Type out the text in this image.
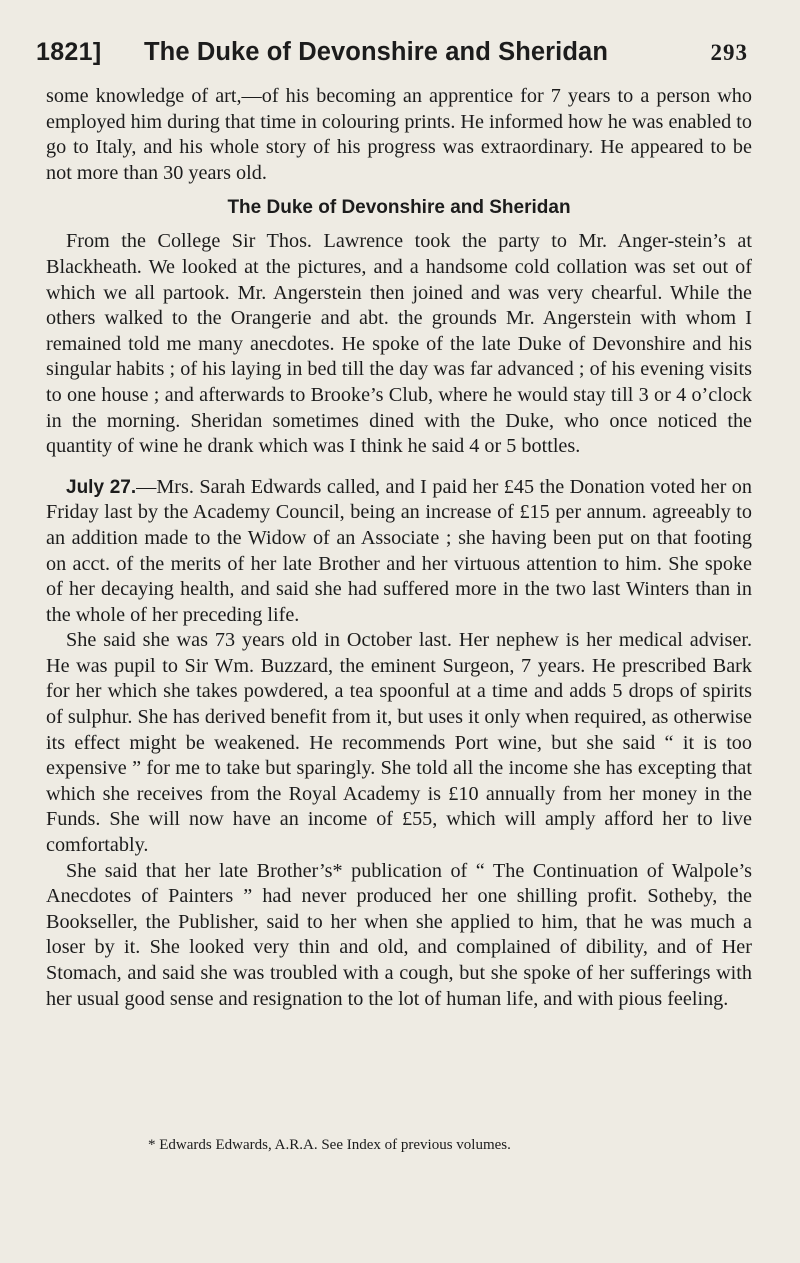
1821] The Duke of Devonshire and Sheridan	293

some knowledge of art,—of his becoming an apprentice for 7 years to a person who employed him during that time in colouring prints. He informed how he was enabled to go to Italy, and his whole story of his progress was extraordinary. He appeared to be not more than 30 years old.

The Duke of Devonshire and Sheridan

From the College Sir Thos. Lawrence took the party to Mr. Anger-stein’s at Blackheath. We looked at the pictures, and a handsome cold collation was set out of which we all partook. Mr. Angerstein then joined and was very chearful. While the others walked to the Orangerie and abt. the grounds Mr. Angerstein with whom I remained told me many anecdotes. He spoke of the late Duke of Devonshire and his singular habits ; of his laying in bed till the day was far advanced ; of his evening visits to one house ; and afterwards to Brooke’s Club, where he would stay till 3 or 4 o’clock in the morning. Sheridan sometimes dined with the Duke, who once noticed the quantity of wine he drank which was I think he said 4 or 5 bottles.

July 27.—Mrs. Sarah Edwards called, and I paid her £45 the Donation voted her on Friday last by the Academy Council, being an increase of £15 per annum. agreeably to an addition made to the Widow of an Associate ; she having been put on that footing on acct. of the merits of her late Brother and her virtuous attention to him. She spoke of her decaying health, and said she had suffered more in the two last Winters than in the whole of her preceding life.

She said she was 73 years old in October last. Her nephew is her medical adviser. He was pupil to Sir Wm. Buzzard, the eminent Surgeon, 7 years. He prescribed Bark for her which she takes powdered, a tea spoonful at a time and adds 5 drops of spirits of sulphur. She has derived benefit from it, but uses it only when required, as otherwise its effect might be weakened. He recommends Port wine, but she said “ it is too expensive ” for me to take but sparingly. She told all the income she has excepting that which she receives from the Royal Academy is £10 annually from her money in the Funds. She will now have an income of £55, which will amply afford her to live comfortably.

She said that her late Brother’s* publication of “ The Continuation of Walpole’s Anecdotes of Painters ” had never produced her one shilling profit. Sotheby, the Bookseller, the Publisher, said to her when she applied to him, that he was much a loser by it. She looked very thin and old, and complained of dibility, and of Her Stomach, and said she was troubled with a cough, but she spoke of her sufferings with her usual good sense and resignation to the lot of human life, and with pious feeling.

* Edwards Edwards, A.R.A. See Index of previous volumes.
